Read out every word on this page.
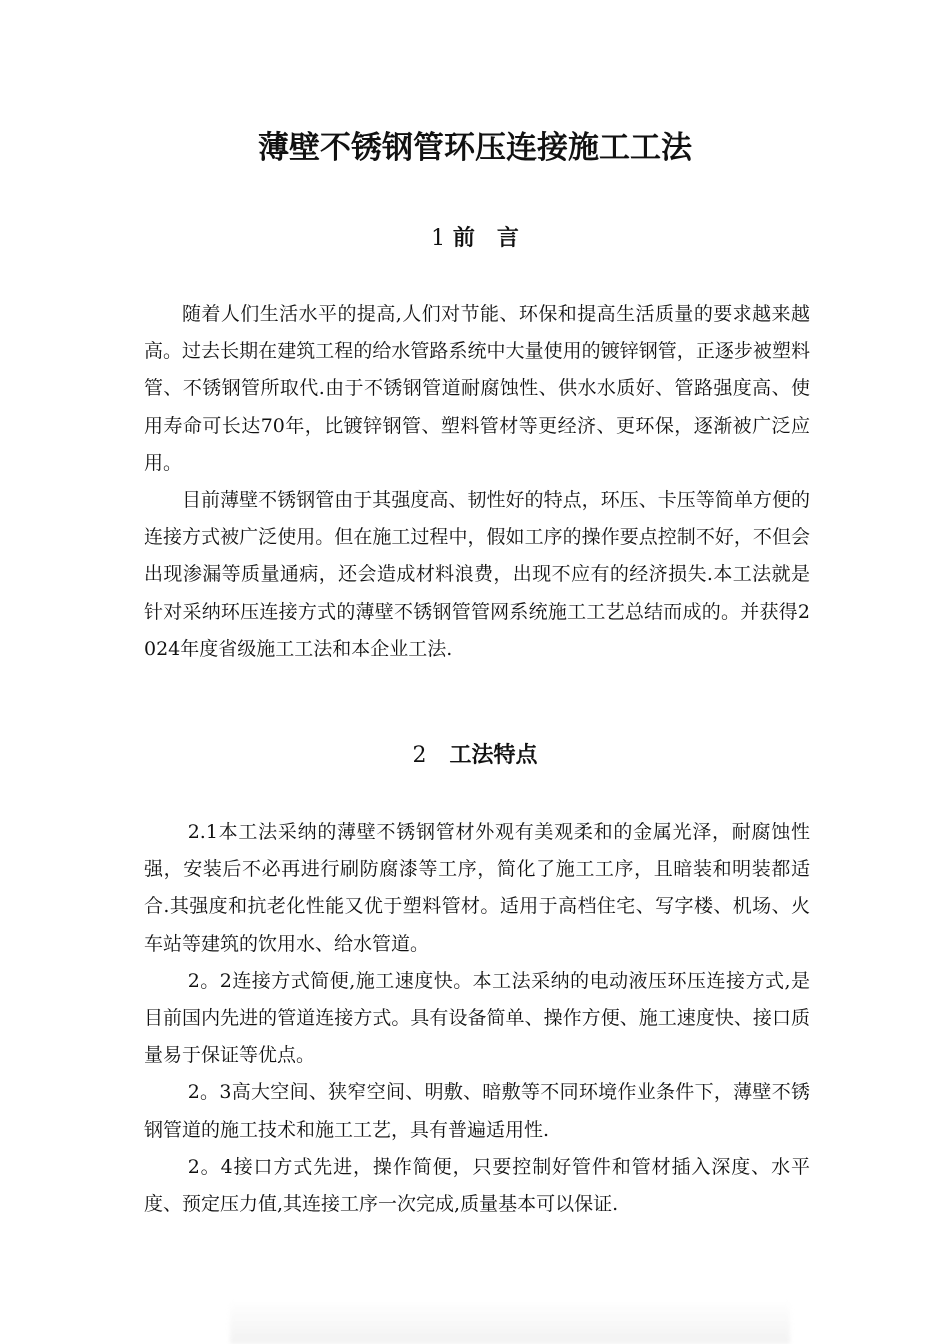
薄壁不锈钢管环压连接施工工法
1 前　言

随着人们生活水平的提高,人们对节能、环保和提高生活质量的要求越来越高。过去长期在建筑工程的给水管路系统中大量使用的镀锌钢管，正逐步被塑料管、不锈钢管所取代.由于不锈钢管道耐腐蚀性、供水水质好、管路强度高、使用寿命可长达70年，比镀锌钢管、塑料管材等更经济、更环保，逐渐被广泛应用。

目前薄壁不锈钢管由于其强度高、韧性好的特点，环压、卡压等简单方便的连接方式被广泛使用。但在施工过程中，假如工序的操作要点控制不好，不但会出现渗漏等质量通病，还会造成材料浪费，出现不应有的经济损失.本工法就是针对采纳环压连接方式的薄壁不锈钢管管网系统施工工艺总结而成的。并获得2024年度省级施工工法和本企业工法.

2 工法特点

2.1本工法采纳的薄壁不锈钢管材外观有美观柔和的金属光泽，耐腐蚀性强，安装后不必再进行刷防腐漆等工序，简化了施工工序，且暗装和明装都适合.其强度和抗老化性能又优于塑料管材。适用于高档住宅、写字楼、机场、火车站等建筑的饮用水、给水管道。

2。2连接方式简便,施工速度快。本工法采纳的电动液压环压连接方式,是目前国内先进的管道连接方式。具有设备简单、操作方便、施工速度快、接口质量易于保证等优点。

2。3高大空间、狭窄空间、明敷、暗敷等不同环境作业条件下，薄壁不锈钢管道的施工技术和施工工艺，具有普遍适用性.

2。4接口方式先进，操作简便，只要控制好管件和管材插入深度、水平度、预定压力值,其连接工序一次完成,质量基本可以保证.
